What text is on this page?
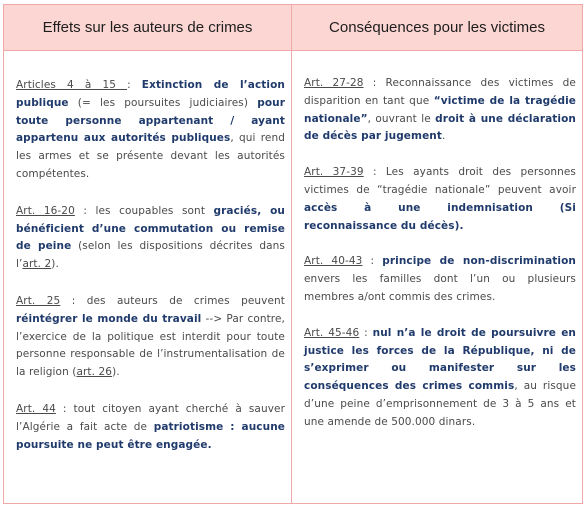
Effets sur les auteurs de crimes	Conséquences pour les victimes

Articles 4 à 15 : Extinction de l’action publique (= les poursuites judiciaires) pour toute personne appartenant / ayant appartenu aux autorités publiques, qui rend les armes et se présente devant les autorités compétentes.

Art. 16-20 : les coupables sont graciés, ou bénéficient d’une commutation ou remise de peine (selon les dispositions décrites dans l’art. 2).

Art. 25 : des auteurs de crimes peuvent réintégrer le monde du travail --> Par contre, l’exercice de la politique est interdit pour toute personne responsable de l’instrumentalisation de la religion (art. 26).

Art. 44 : tout citoyen ayant cherché à sauver l’Algérie a fait acte de patriotisme : aucune poursuite ne peut être engagée.

Art. 27-28 : Reconnaissance des victimes de disparition en tant que “victime de la tragédie nationale”, ouvrant le droit à une déclaration de décès par jugement.

Art. 37-39 : Les ayants droit des personnes victimes de “tragédie nationale” peuvent avoir accès à une indemnisation (Si reconnaissance du décès).

Art. 40-43 : principe de non-discrimination envers les familles dont l’un ou plusieurs membres a/ont commis des crimes.

Art. 45-46 : nul n’a le droit de poursuivre en justice les forces de la République, ni de s’exprimer ou manifester sur les conséquences des crimes commis, au risque d’une peine d’emprisonnement de 3 à 5 ans et une amende de 500.000 dinars.
